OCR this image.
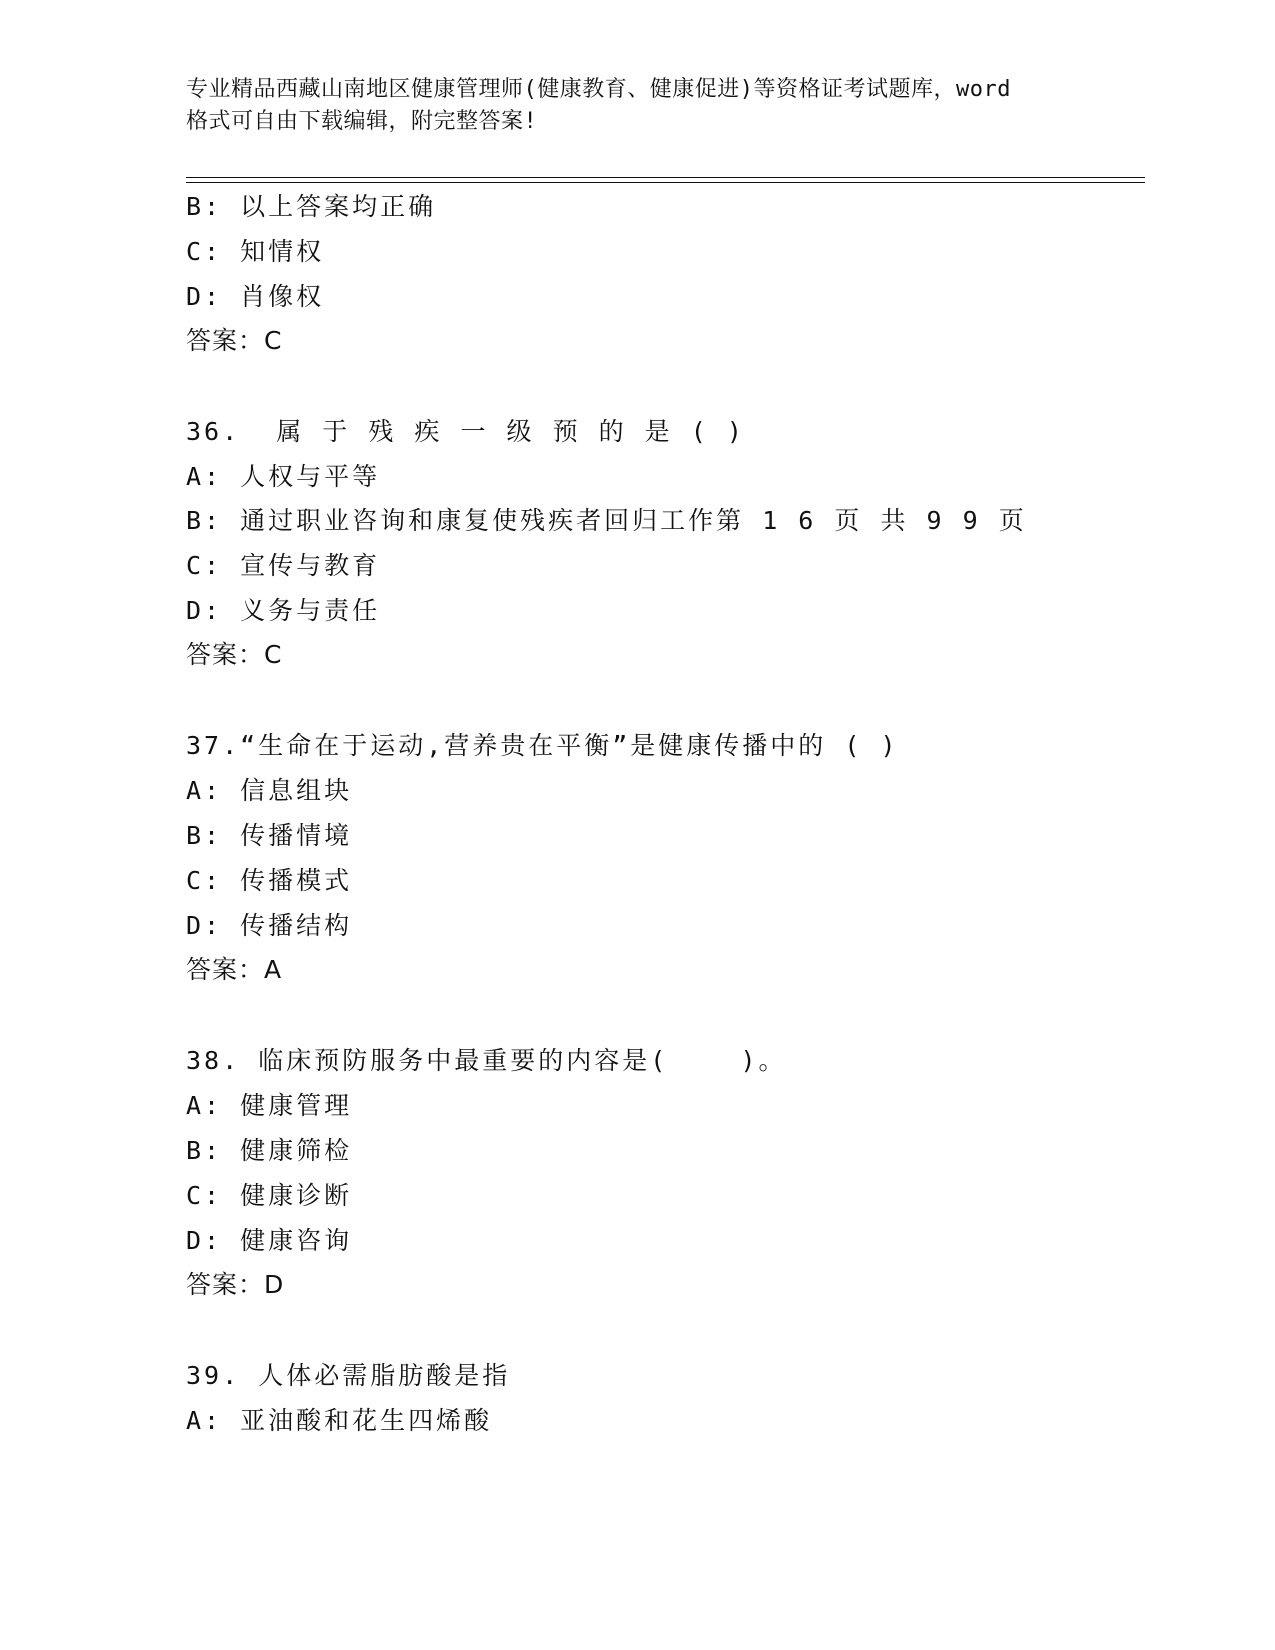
专业精品西藏山南地区健康管理师(健康教育、健康促进)等资格证考试题库，word
格式可自由下载编辑，附完整答案!
B: 以上答案均正确
C: 知情权
D: 肖像权
答案：C
36.  属 于 残 疾 一 级 预 的 是 ( )
A: 人权与平等
B: 通过职业咨询和康复使残疾者回归工作第 1 6 页 共 9 9 页
C: 宣传与教育
D: 义务与责任
答案：C
37.“生命在于运动,营养贵在平衡”是健康传播中的 ( )
A: 信息组块
B: 传播情境
C: 传播模式
D: 传播结构
答案：A
38. 临床预防服务中最重要的内容是(    )。
A: 健康管理
B: 健康筛检
C: 健康诊断
D: 健康咨询
答案：D
39. 人体必需脂肪酸是指
A: 亚油酸和花生四烯酸
